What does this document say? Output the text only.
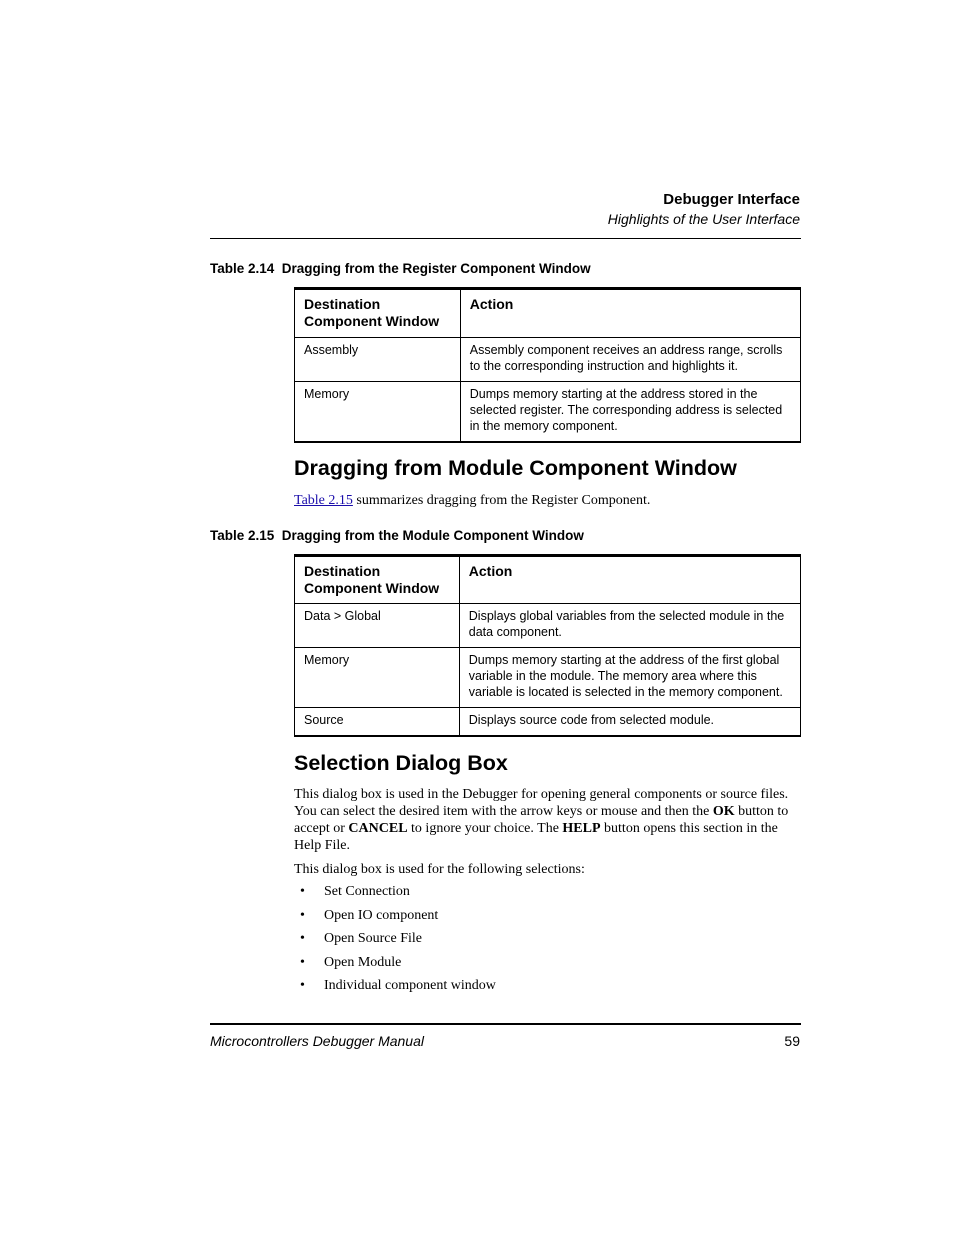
Debugger Interface
Highlights of the User Interface
Table 2.14  Dragging from the Register Component Window
Destination Component Window	Action
Assembly	Assembly component receives an address range, scrolls to the corresponding instruction and highlights it.
Memory	Dumps memory starting at the address stored in the selected register. The corresponding address is selected in the memory component.
Dragging from Module Component Window
Table 2.15 summarizes dragging from the Register Component.
Table 2.15  Dragging from the Module Component Window
Destination Component Window	Action
Data > Global	Displays global variables from the selected module in the data component.
Memory	Dumps memory starting at the address of the first global variable in the module. The memory area where this variable is located is selected in the memory component.
Source	Displays source code from selected module.
Selection Dialog Box
This dialog box is used in the Debugger for opening general components or source files. You can select the desired item with the arrow keys or mouse and then the OK button to accept or CANCEL to ignore your choice. The HELP button opens this section in the Help File.
This dialog box is used for the following selections:
• Set Connection
• Open IO component
• Open Source File
• Open Module
• Individual component window
Microcontrollers Debugger Manual	59
